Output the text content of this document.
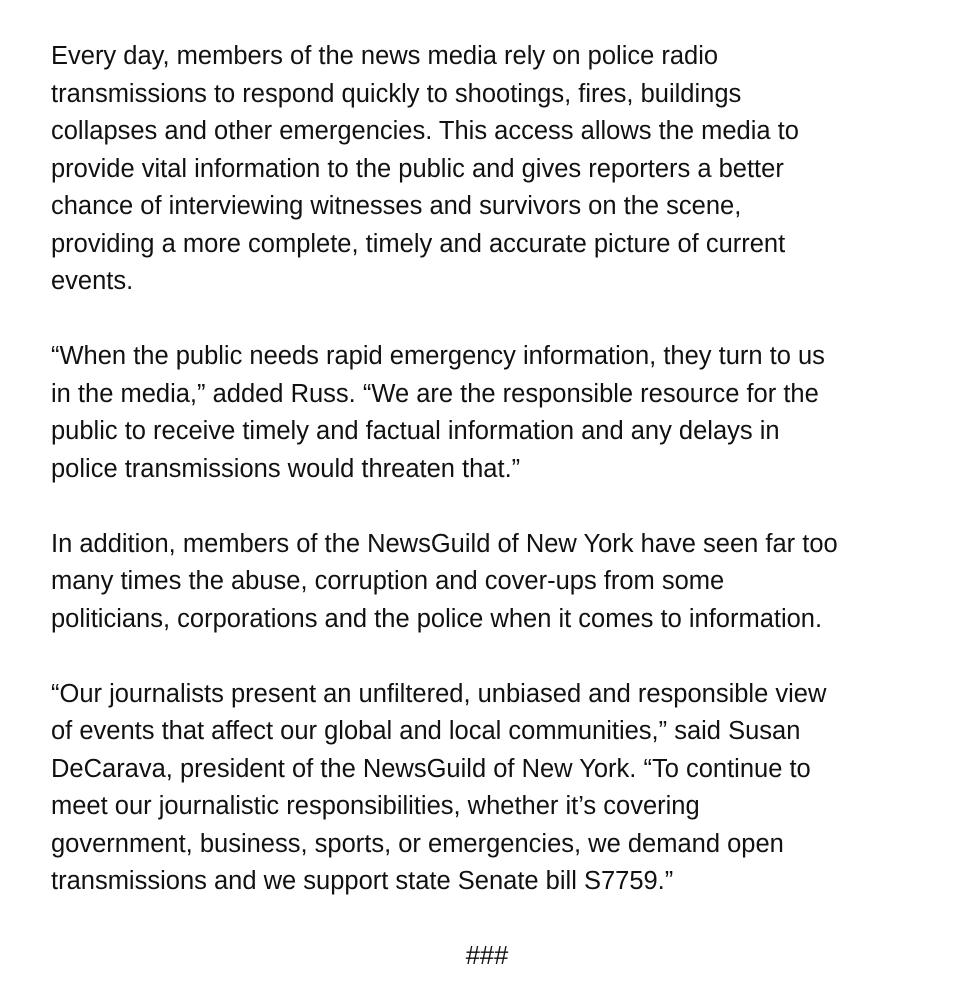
Every day, members of the news media rely on police radio
transmissions to respond quickly to shootings, fires, buildings
collapses and other emergencies. This access allows the media to
provide vital information to the public and gives reporters a better
chance of interviewing witnesses and survivors on the scene,
providing a more complete, timely and accurate picture of current
events.

“When the public needs rapid emergency information, they turn to us
in the media,” added Russ. “We are the responsible resource for the
public to receive timely and factual information and any delays in
police transmissions would threaten that.”

In addition, members of the NewsGuild of New York have seen far too
many times the abuse, corruption and cover-ups from some
politicians, corporations and the police when it comes to information.

“Our journalists present an unfiltered, unbiased and responsible view
of events that affect our global and local communities,” said Susan
DeCarava, president of the NewsGuild of New York. “To continue to
meet our journalistic responsibilities, whether it’s covering
government, business, sports, or emergencies, we demand open
transmissions and we support state Senate bill S7759.”

###
